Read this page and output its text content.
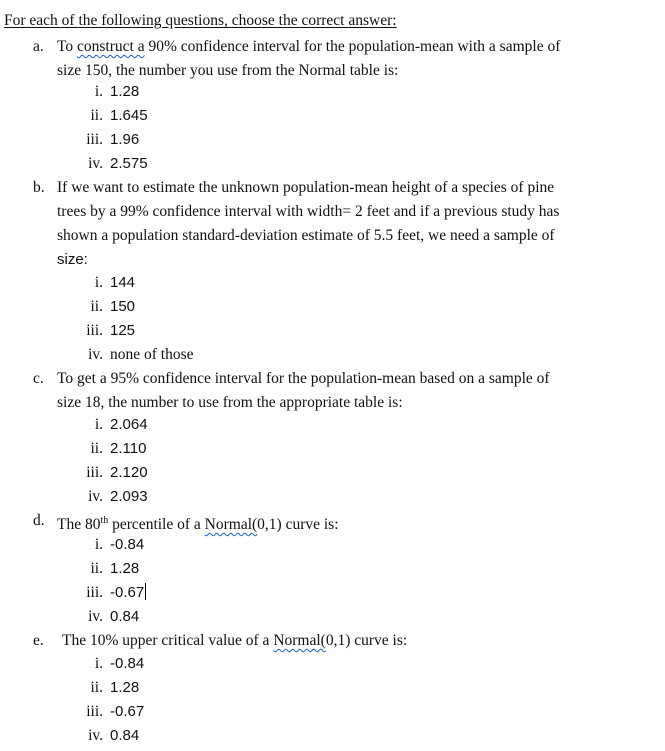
For each of the following questions, choose the correct answer:
a. To construct a 90% confidence interval for the population-mean with a sample of
size 150, the number you use from the Normal table is:
i. 1.28
ii. 1.645
iii. 1.96
iv. 2.575
b. If we want to estimate the unknown population-mean height of a species of pine
trees by a 99% confidence interval with width= 2 feet and if a previous study has
shown a population standard-deviation estimate of 5.5 feet, we need a sample of
size:
i. 144
ii. 150
iii. 125
iv. none of those
c. To get a 95% confidence interval for the population-mean based on a sample of
size 18, the number to use from the appropriate table is:
i. 2.064
ii. 2.110
iii. 2.120
iv. 2.093
d. The 80th percentile of a Normal(0,1) curve is:
i. -0.84
ii. 1.28
iii. -0.67
iv. 0.84
e. The 10% upper critical value of a Normal(0,1) curve is:
i. -0.84
ii. 1.28
iii. -0.67
iv. 0.84
